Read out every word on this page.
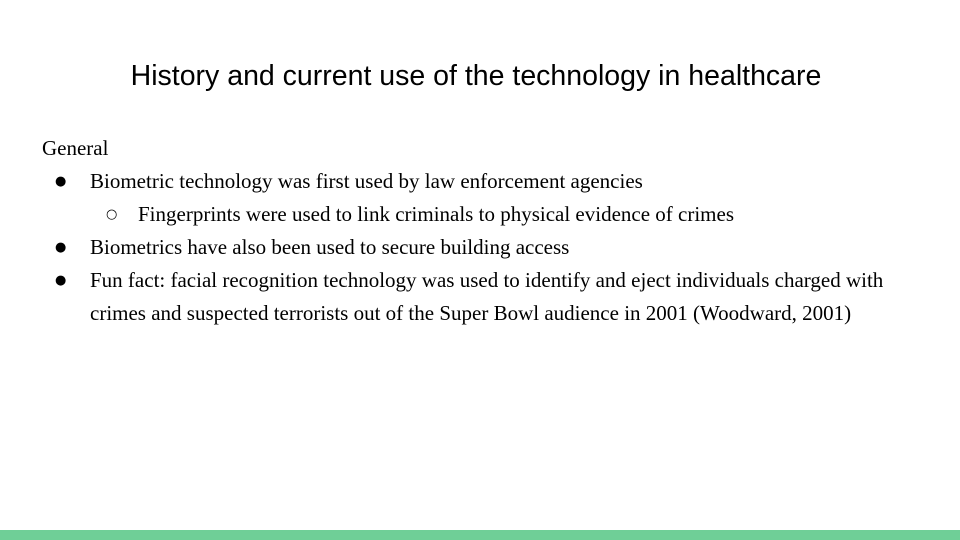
History and current use of the technology in healthcare
General
● Biometric technology was first used by law enforcement agencies
○ Fingerprints were used to link criminals to physical evidence of crimes
● Biometrics have also been used to secure building access
● Fun fact: facial recognition technology was used to identify and eject individuals charged with crimes and suspected terrorists out of the Super Bowl audience in 2001 (Woodward, 2001)
